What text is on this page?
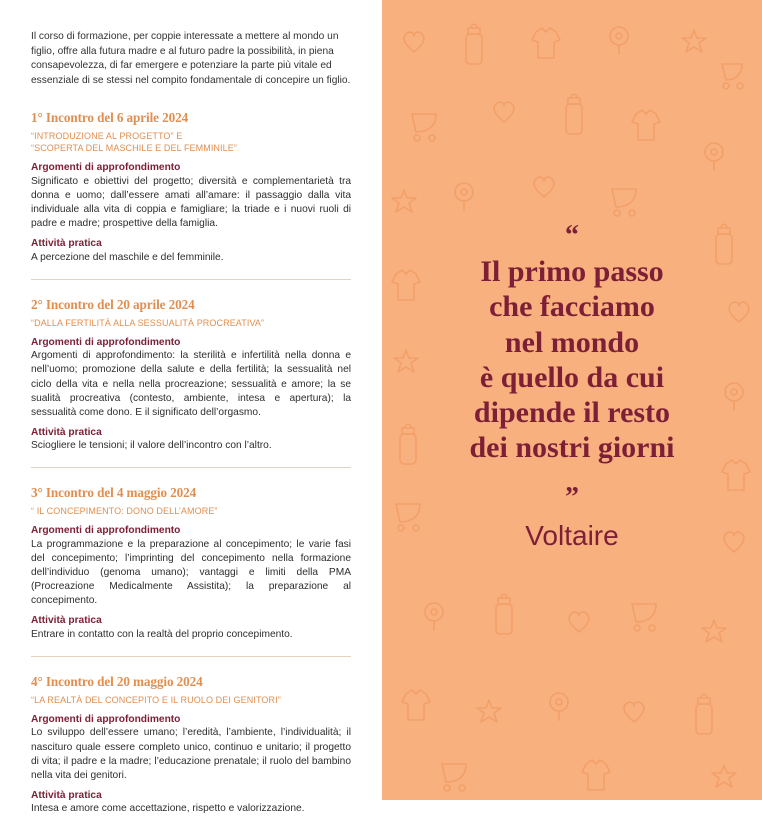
Il corso di formazione, per coppie interessate a mettere al mondo un figlio, offre alla futura madre e al futuro padre la possibilità, in piena consapevolezza, di far emergere e potenziare la parte più vitale ed essenziale di se stessi nel compito fondamentale di concepire un figlio.

1° Incontro del 6 aprile 2024
“INTRODUZIONE AL PROGETTO” E
“SCOPERTA DEL MASCHILE E DEL FEMMINILE”
Argomenti di approfondimento
Significato e obiettivi del progetto; diversità e complementarietà tra donna e uomo; dall’essere amati all’amare: il passaggio dalla vita individuale alla vita di coppia e famigliare; la triade e i nuovi ruoli di padre e madre; prospettive della famiglia.
Attività pratica
A percezione del maschile e del femminile.
2° Incontro del 20 aprile 2024
“DALLA FERTILITÀ ALLA SESSUALITÀ PROCREATIVA”
Argomenti di approfondimento
Argomenti di approfondimento: la sterilità e infertilità nella donna e nell’uomo; promozione della salute e della fertilità; la sessualità nel ciclo della vita e nella nella procreazione; sessualità e amore; la se sualità procreativa (contesto, ambiente, intesa e apertura); la sessualità come dono. E il significato dell’orgasmo.
Attività pratica
Sciogliere le tensioni; il valore dell’incontro con l’altro.
3° Incontro del 4 maggio 2024
“ IL CONCEPIMENTO: DONO DELL’AMORE”
Argomenti di approfondimento
La programmazione e la preparazione al concepimento; le varie fasi del concepimento; l’imprinting del concepimento nella formazione dell’individuo (genoma umano); vantaggi e limiti della PMA (Procreazione Medicalmente Assistita); la preparazione al concepimento.
Attività pratica
Entrare in contatto con la realtà del proprio concepimento.
4° Incontro del 20 maggio 2024
“LA REALTÀ DEL CONCEPITO E IL RUOLO DEI GENITORI”
Argomenti di approfondimento
Lo sviluppo dell’essere umano; l’eredità, l’ambiente, l’individualità; il nascituro quale essere completo unico, continuo e unitario; il progetto di vita; il padre e la madre; l’educazione prenatale; il ruolo del bambino nella vita dei genitori.
Attività pratica
Intesa e amore come accettazione, rispetto e valorizzazione.
“
Il primo passo
che facciamo
nel mondo
è quello da cui
dipende il resto
dei nostri giorni
”
Voltaire
